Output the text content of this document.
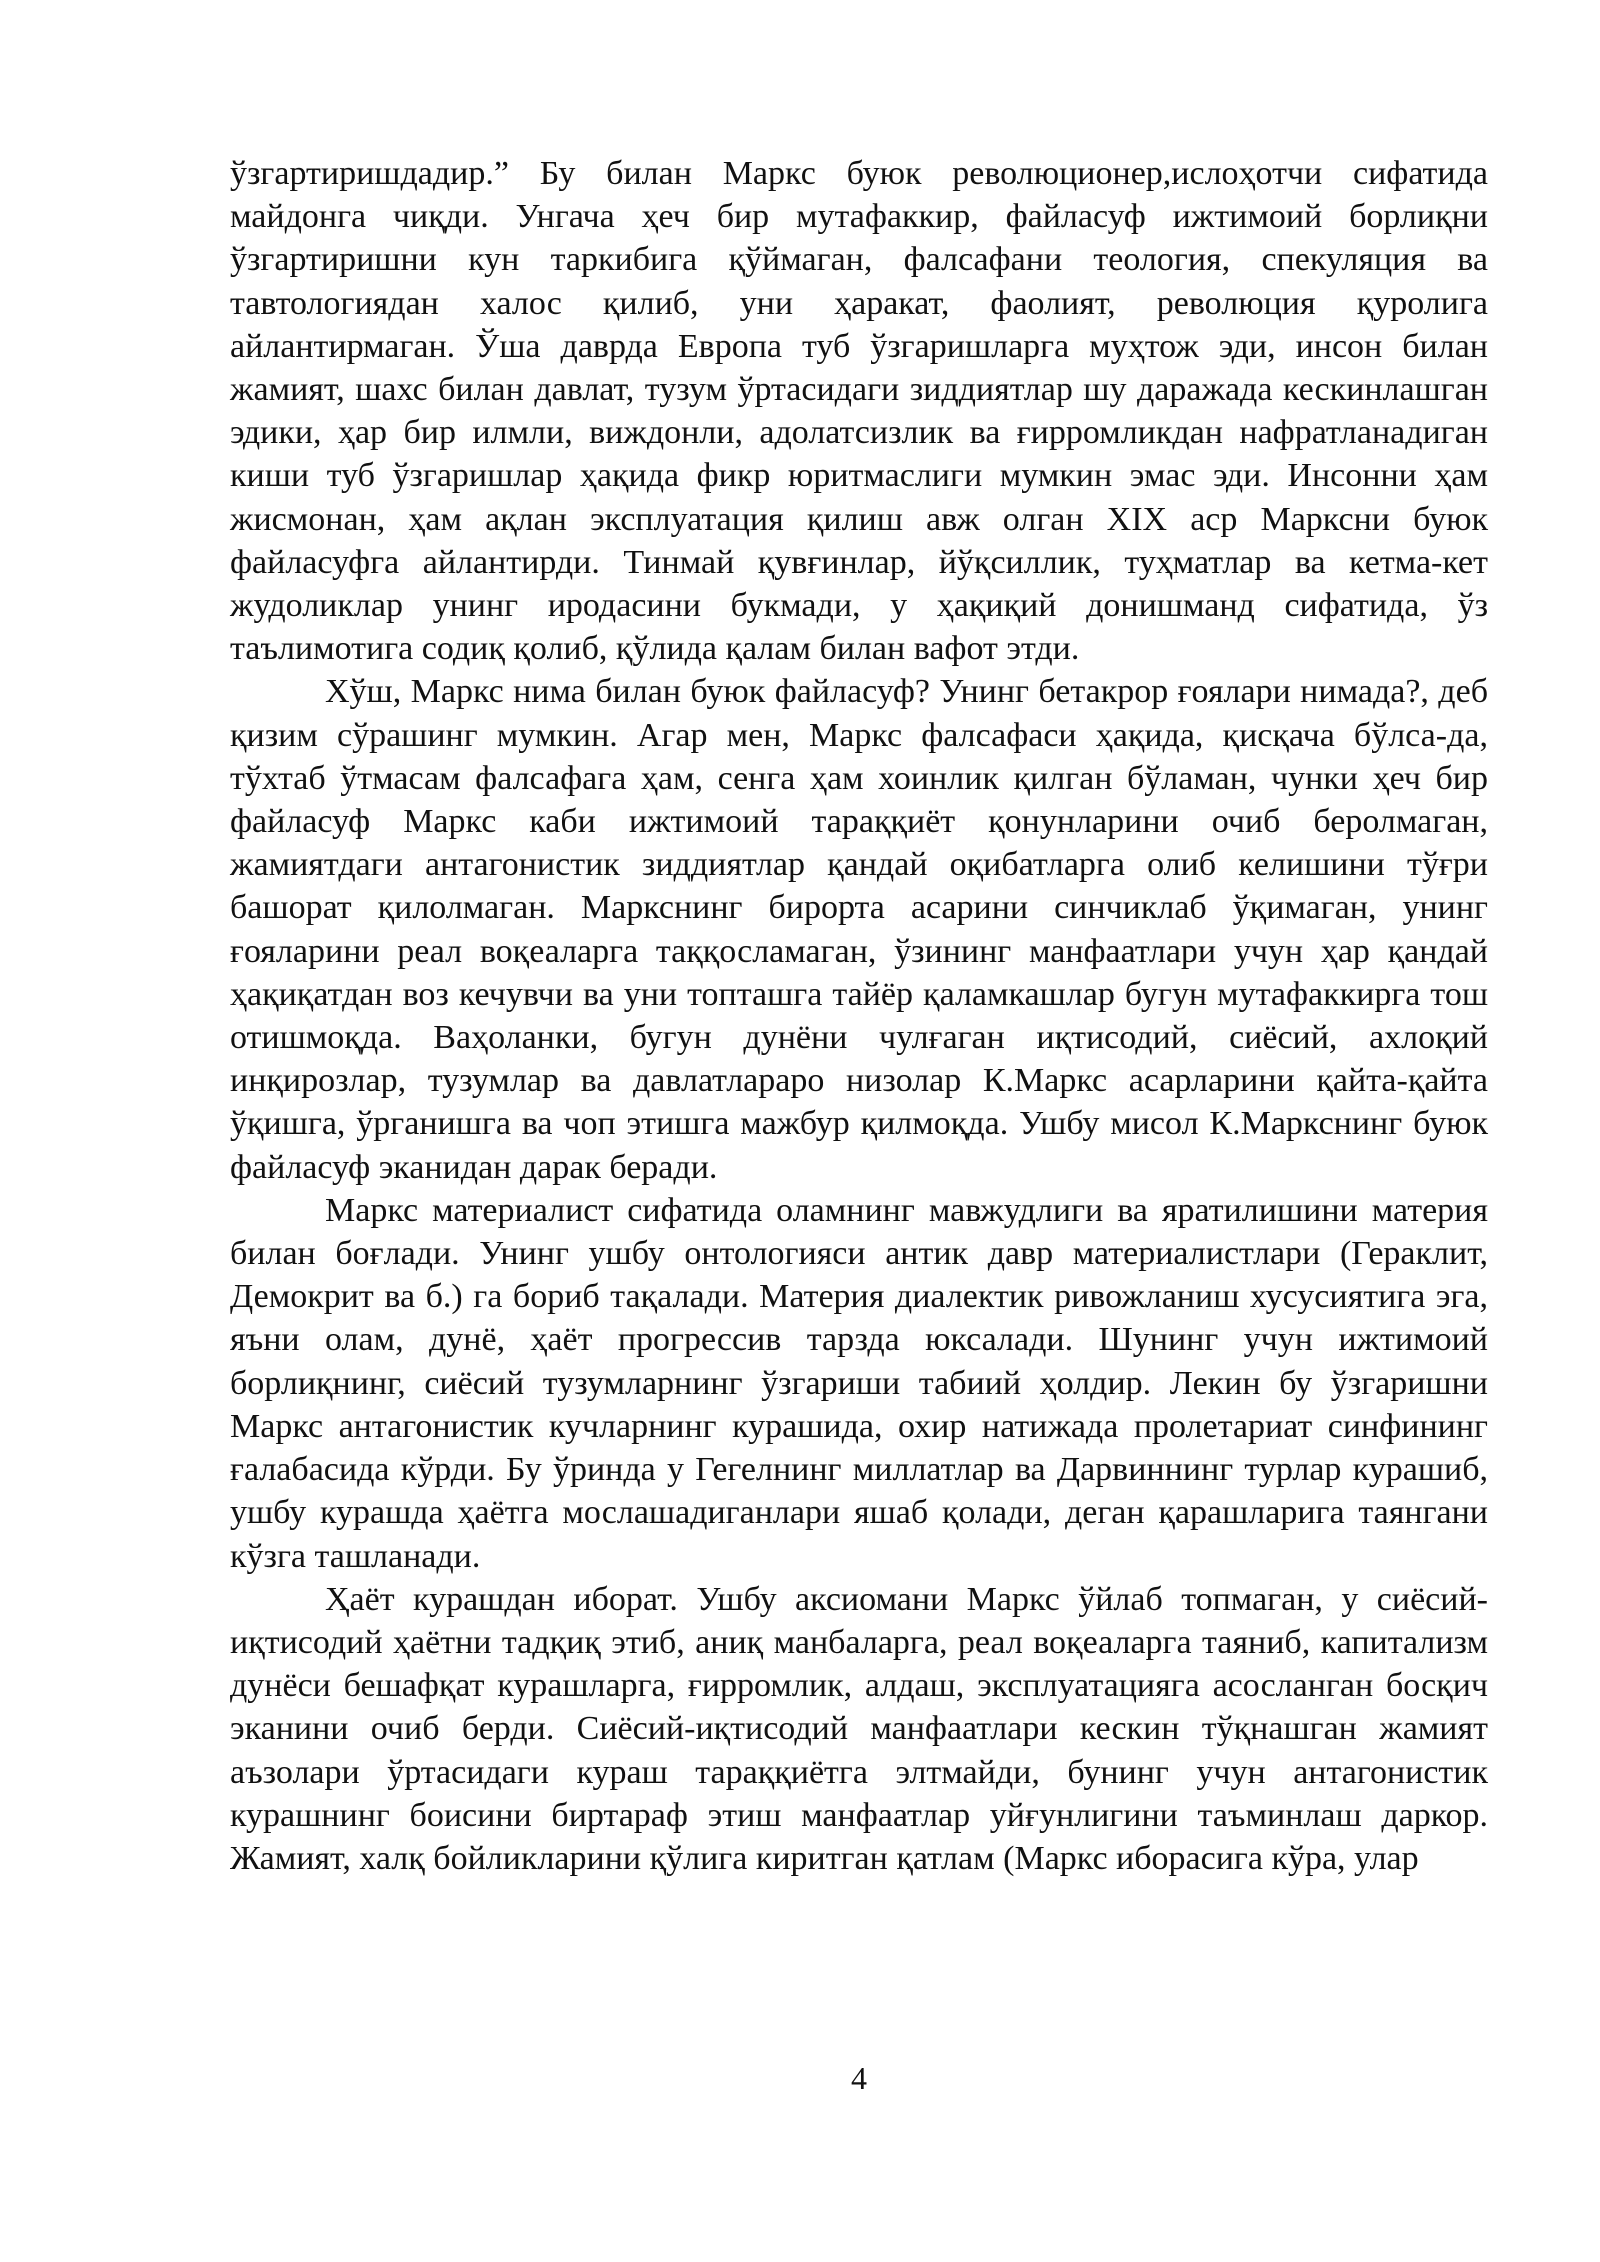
ўзгартиришдадир.” Бу билан Маркс буюк революционер,ислоҳотчи сифатида майдонга чиқди. Унгача ҳеч бир мутафаккир, файласуф ижтимоий борлиқни ўзгартиришни кун таркибига қўймаган, фалсафани теология, спекуляция ва тавтологиядан халос қилиб, уни ҳаракат, фаолият, революция қуролига айлантирмаган. Ўша даврда Европа туб ўзгаришларга муҳтож эди, инсон билан жамият, шахс билан давлат, тузум ўртасидаги зиддиятлар шу даражада кескинлашган эдики, ҳар бир илмли, виждонли, адолатсизлик ва ғирромликдан нафратланадиган киши туб ўзгаришлар ҳақида фикр юритмаслиги мумкин эмас эди. Инсонни ҳам жисмонан, ҳам ақлан эксплуатация қилиш авж олган XIX аср Марксни буюк файласуфга айлантирди. Тинмай қувғинлар, йўқсиллик, туҳматлар ва кетма-кет жудоликлар унинг иродасини букмади, у ҳақиқий донишманд сифатида, ўз таълимотига содиқ қолиб, қўлида қалам билан вафот этди.

Хўш, Маркс нима билан буюк файласуф? Унинг бетакрор ғоялари нимада?, деб қизим сўрашинг мумкин. Агар мен, Маркс фалсафаси ҳақида, қисқача бўлса-да, тўхтаб ўтмасам фалсафага ҳам, сенга ҳам хоинлик қилган бўламан, чунки ҳеч бир файласуф Маркс каби ижтимоий тараққиёт қонунларини очиб беролмаган, жамиятдаги антагонистик зиддиятлар қандай оқибатларга олиб келишини тўғри башорат қилолмаган. Маркснинг бирорта асарини синчиклаб ўқимаган, унинг ғояларини реал воқеаларга таққосламаган, ўзининг манфаатлари учун ҳар қандай ҳақиқатдан воз кечувчи ва уни топташга тайёр қаламкашлар бугун мутафаккирга тош отишмоқда. Ваҳоланки, бугун дунёни чулғаган иқтисодий, сиёсий, ахлоқий инқирозлар, тузумлар ва давлатлараро низолар К.Маркс асарларини қайта-қайта ўқишга, ўрганишга ва чоп этишга мажбур қилмоқда. Ушбу мисол К.Маркснинг буюк файласуф эканидан дарак беради.

Маркс материалист сифатида оламнинг мавжудлиги ва яратилишини материя билан боғлади. Унинг ушбу онтологияси антик давр материалистлари (Гераклит, Демокрит ва б.) га бориб тақалади. Материя диалектик ривожланиш хусусиятига эга, яъни олам, дунё, ҳаёт прогрессив тарзда юксалади. Шунинг учун ижтимоий борлиқнинг, сиёсий тузумларнинг ўзгариши табиий ҳолдир. Лекин бу ўзгаришни Маркс антагонистик кучларнинг курашида, охир натижада пролетариат синфининг ғалабасида кўрди. Бу ўринда у Гегелнинг миллатлар ва Дарвиннинг турлар курашиб, ушбу курашда ҳаётга мослашадиганлари яшаб қолади, деган қарашларига таянгани кўзга ташланади.

Ҳаёт курашдан иборат. Ушбу аксиомани Маркс ўйлаб топмаган, у сиёсий-иқтисодий ҳаётни тадқиқ этиб, аниқ манбаларга, реал воқеаларга таяниб, капитализм дунёси бешафқат курашларга, ғирромлик, алдаш, эксплуатацияга асосланган босқич эканини очиб берди. Сиёсий-иқтисодий манфаатлари кескин тўқнашган жамият аъзолари ўртасидаги кураш тараққиётга элтмайди, бунинг учун антагонистик курашнинг боисини биртараф этиш манфаатлар уйғунлигини таъминлаш даркор. Жамият, халқ бойликларини қўлига киритган қатлам (Маркс иборасига кўра, улар

4
